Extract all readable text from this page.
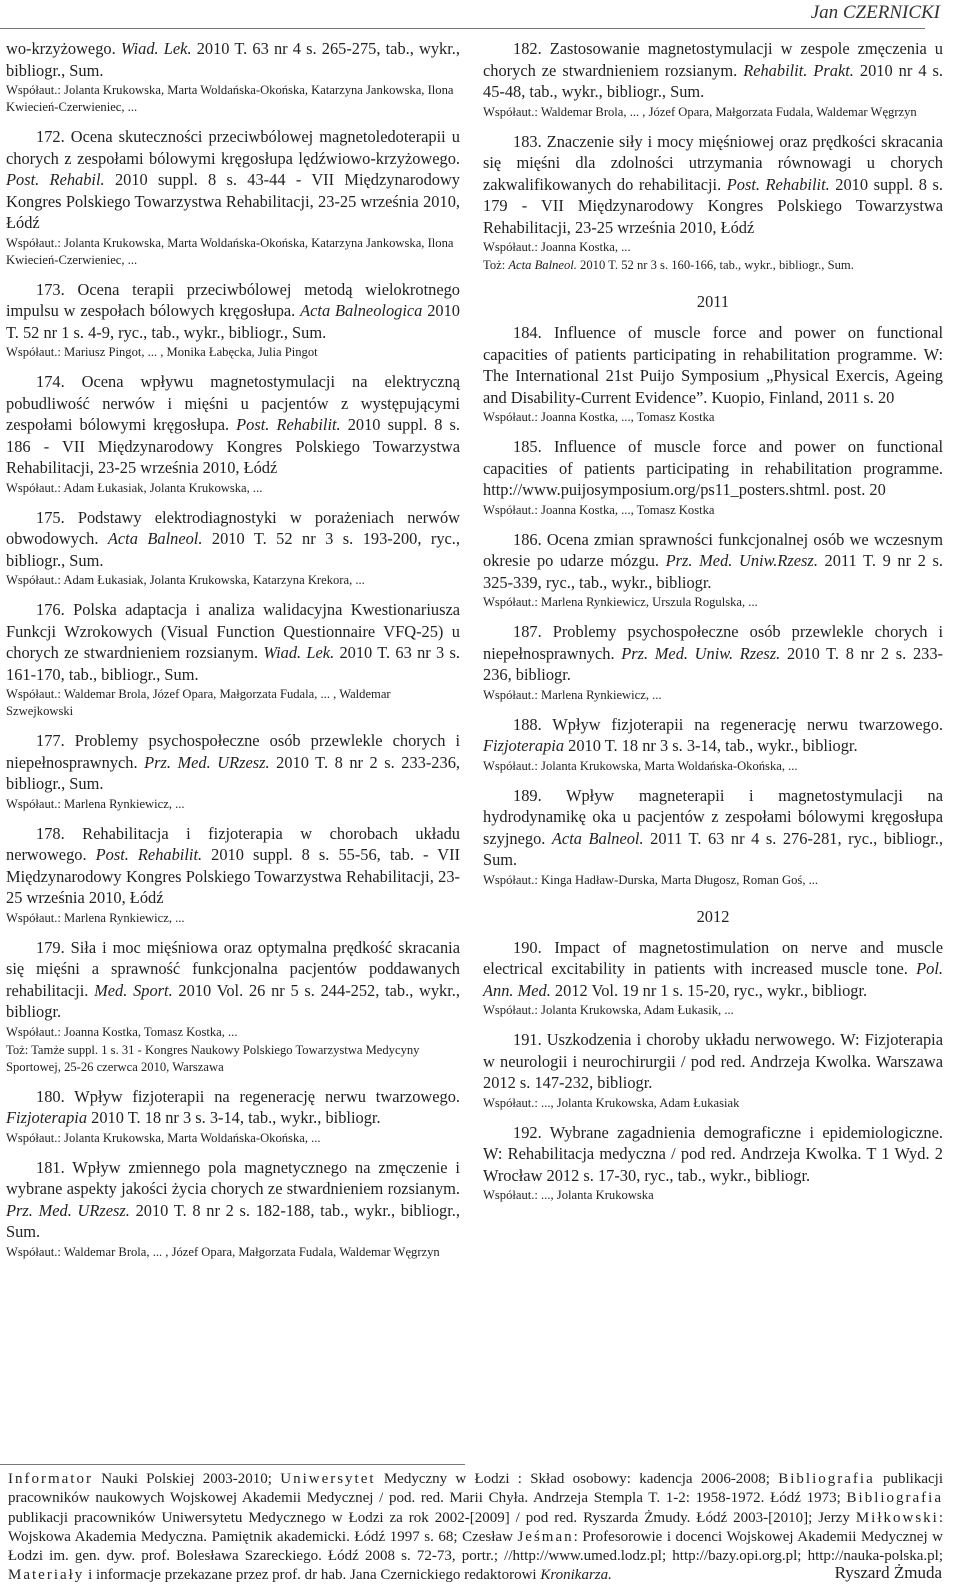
Jan CZERNICKI

wo-krzyżowego. Wiad. Lek. 2010 T. 63 nr 4 s. 265-275, tab., wykr., bibliogr., Sum.

Współaut.: Jolanta Krukowska, Marta Woldańska-Okońska, Katarzyna Jankowska, Ilona Kwiecień-Czerwieniec, ...

172. Ocena skuteczności przeciwbólowej magnetoledoterapii u chorych z zespołami bólowymi kręgosłupa lędźwiowo-krzyżowego. Post. Rehabil. 2010 suppl. 8 s. 43-44 - VII Międzynarodowy Kongres Polskiego Towarzystwa Rehabilitacji, 23-25 września 2010, Łódź

Współaut.: Jolanta Krukowska, Marta Woldańska-Okońska, Katarzyna Jankowska, Ilona Kwiecień-Czerwieniec, ...

173. Ocena terapii przeciwbólowej metodą wielokrotnego impulsu w zespołach bólowych kręgosłupa. Acta Balneologica 2010 T. 52 nr 1 s. 4-9, ryc., tab., wykr., bibliogr., Sum.

Współaut.: Mariusz Pingot, ... , Monika Łabęcka, Julia Pingot

174. Ocena wpływu magnetostymulacji na elektryczną pobudliwość nerwów i mięśni u pacjentów z występującymi zespołami bólowymi kręgosłupa. Post. Rehabilit. 2010 suppl. 8 s. 186 - VII Międzynarodowy Kongres Polskiego Towarzystwa Rehabilitacji, 23-25 września 2010, Łódź

Współaut.: Adam Łukasiak, Jolanta Krukowska, ...

175. Podstawy elektrodiagnostyki w porażeniach nerwów obwodowych. Acta Balneol. 2010 T. 52 nr 3 s. 193-200, ryc., bibliogr., Sum.

Współaut.: Adam Łukasiak, Jolanta Krukowska, Katarzyna Krekora, ...

176. Polska adaptacja i analiza walidacyjna Kwestionariusza Funkcji Wzrokowych (Visual Function Questionnaire VFQ-25) u chorych ze stwardnieniem rozsianym. Wiad. Lek. 2010 T. 63 nr 3 s. 161-170, tab., bibliogr., Sum.

Współaut.: Waldemar Brola, Józef Opara, Małgorzata Fudala, ... , Waldemar Szwejkowski

177. Problemy psychospołeczne osób przewlekle chorych i niepełnosprawnych. Prz. Med. URzesz. 2010 T. 8 nr 2 s. 233-236, bibliogr., Sum.

Współaut.: Marlena Rynkiewicz, ...

178. Rehabilitacja i fizjoterapia w chorobach układu nerwowego. Post. Rehabilit. 2010 suppl. 8 s. 55-56, tab. - VII Międzynarodowy Kongres Polskiego Towarzystwa Rehabilitacji, 23-25 września 2010, Łódź

Współaut.: Marlena Rynkiewicz, ...

179. Siła i moc mięśniowa oraz optymalna prędkość skracania się mięśni a sprawność funkcjonalna pacjentów poddawanych rehabilitacji. Med. Sport. 2010 Vol. 26 nr 5 s. 244-252, tab., wykr., bibliogr.

Współaut.: Joanna Kostka, Tomasz Kostka, ...
Toż: Tamże suppl. 1 s. 31 - Kongres Naukowy Polskiego Towarzystwa Medycyny Sportowej, 25-26 czerwca 2010, Warszawa

180. Wpływ fizjoterapii na regenerację nerwu twarzowego. Fizjoterapia 2010 T. 18 nr 3 s. 3-14, tab., wykr., bibliogr.

Współaut.: Jolanta Krukowska, Marta Woldańska-Okońska, ...

181. Wpływ zmiennego pola magnetycznego na zmęczenie i wybrane aspekty jakości życia chorych ze stwardnieniem rozsianym. Prz. Med. URzesz. 2010 T. 8 nr 2 s. 182-188, tab., wykr., bibliogr., Sum.

Współaut.: Waldemar Brola, ... , Józef Opara, Małgorzata Fudala, Waldemar Węgrzyn

182. Zastosowanie magnetostymulacji w zespole zmęczenia u chorych ze stwardnieniem rozsianym. Rehabilit. Prakt. 2010 nr 4 s. 45-48, tab., wykr., bibliogr., Sum.

Współaut.: Waldemar Brola, ... , Józef Opara, Małgorzata Fudala, Waldemar Węgrzyn

183. Znaczenie siły i mocy mięśniowej oraz prędkości skracania się mięśni dla zdolności utrzymania równowagi u chorych zakwalifikowanych do rehabilitacji. Post. Rehabilit. 2010 suppl. 8 s. 179 - VII Międzynarodowy Kongres Polskiego Towarzystwa Rehabilitacji, 23-25 września 2010, Łódź

Współaut.: Joanna Kostka, ...
Toż: Acta Balneol. 2010 T. 52 nr 3 s. 160-166, tab., wykr., bibliogr., Sum.
2011

184. Influence of muscle force and power on functional capacities of patients participating in rehabilitation programme. W: The International 21st Puijo Symposium „Physical Exercis, Ageing and Disability-Current Evidence”. Kuopio, Finland, 2011 s. 20

Współaut.: Joanna Kostka, ..., Tomasz Kostka

185. Influence of muscle force and power on functional capacities of patients participating in rehabilitation programme. http://www.puijosymposium.org/ps11_posters.shtml. post. 20

Współaut.: Joanna Kostka, ..., Tomasz Kostka

186. Ocena zmian sprawności funkcjonalnej osób we wczesnym okresie po udarze mózgu. Prz. Med. Uniw.Rzesz. 2011 T. 9 nr 2 s. 325-339, ryc., tab., wykr., bibliogr.

Współaut.: Marlena Rynkiewicz, Urszula Rogulska, ...

187. Problemy psychospołeczne osób przewlekle chorych i niepełnosprawnych. Prz. Med. Uniw. Rzesz. 2010 T. 8 nr 2 s. 233-236, bibliogr.

Współaut.: Marlena Rynkiewicz, ...

188. Wpływ fizjoterapii na regenerację nerwu twarzowego. Fizjoterapia 2010 T. 18 nr 3 s. 3-14, tab., wykr., bibliogr.

Współaut.: Jolanta Krukowska, Marta Woldańska-Okońska, ...

189. Wpływ magneterapii i magnetostymulacji na hydrodynamikę oka u pacjentów z zespołami bólowymi kręgosłupa szyjnego. Acta Balneol. 2011 T. 63 nr 4 s. 276-281, ryc., bibliogr., Sum.

Współaut.: Kinga Hadław-Durska, Marta Długosz, Roman Goś, ...
2012

190. Impact of magnetostimulation on nerve and muscle electrical excitability in patients with increased muscle tone. Pol. Ann. Med. 2012 Vol. 19 nr 1 s. 15-20, ryc., wykr., bibliogr.

Współaut.: Jolanta Krukowska, Adam Łukasik, ...

191. Uszkodzenia i choroby układu nerwowego. W: Fizjoterapia w neurologii i neurochirurgii / pod red. Andrzeja Kwolka. Warszawa 2012 s. 147-232, bibliogr.

Współaut.: ..., Jolanta Krukowska, Adam Łukasiak

192. Wybrane zagadnienia demograficzne i epidemiologiczne. W: Rehabilitacja medyczna / pod red. Andrzeja Kwolka. T 1 Wyd. 2 Wrocław 2012 s. 17-30, ryc., tab., wykr., bibliogr.

Współaut.: ..., Jolanta Krukowska
Informator Nauki Polskiej 2003-2010; Uniwersytet Medyczny w Łodzi : Skład osobowy: kadencja 2006-2008; Bibliografia publikacji pracowników naukowych Wojskowej Akademii Medycznej / pod. red. Marii Chyła. Andrzeja Stempla T. 1-2: 1958-1972. Łódź 1973; Bibliografia publikacji pracowników Uniwersytetu Medycznego w Łodzi za rok 2002-[2009] / pod red. Ryszarda Żmudy. Łódź 2003-[2010]; Jerzy Miłkowski: Wojskowa Akademia Medyczna. Pamiętnik akademicki. Łódź 1997 s. 68; Czesław Jeśman: Profesorowie i docenci Wojskowej Akademii Medycznej w Łodzi im. gen. dyw. prof. Bolesława Szareckiego. Łódź 2008 s. 72-73, portr.; //http://www.umed.lodz.pl; http://bazy.opi.org.pl; http://nauka-polska.pl; Materiały i informacje przekazane przez prof. dr hab. Jana Czernickiego redaktorowi Kronikarza.	Ryszard Żmuda
